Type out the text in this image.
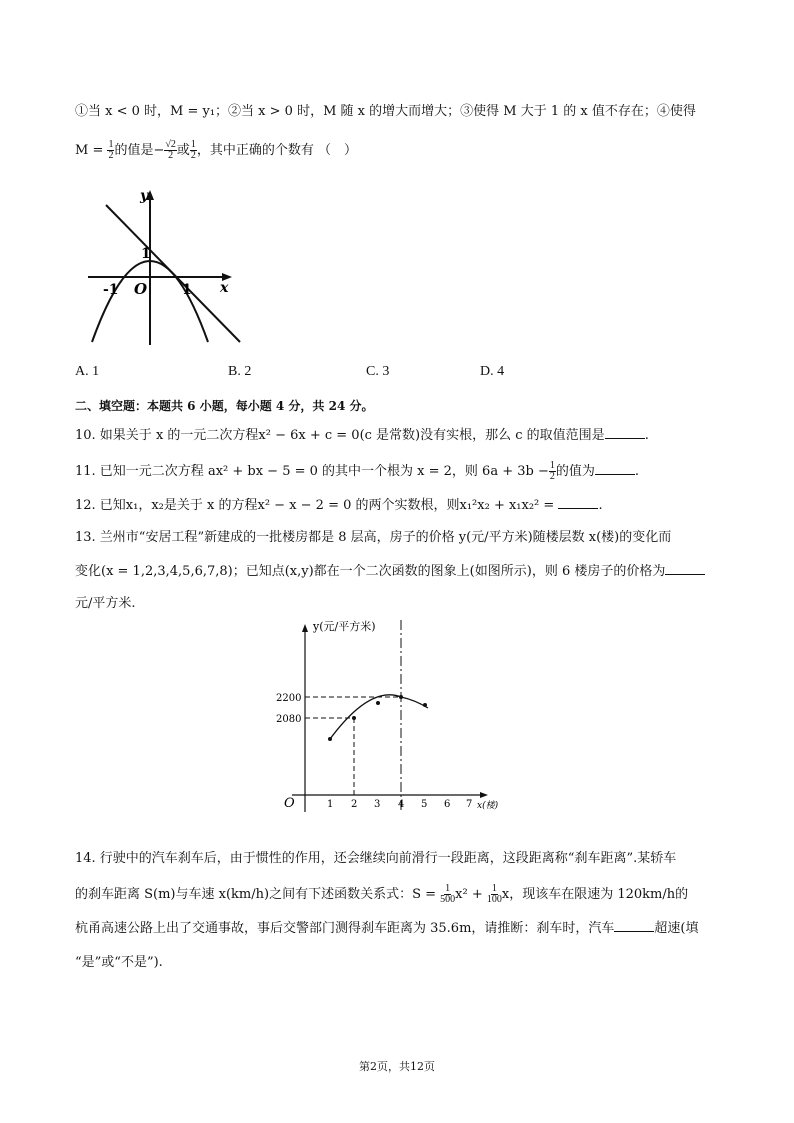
①当 x < 0 时，M = y₁；②当 x > 0 时，M 随 x 的增大而增大；③使得 M 大于 1 的 x 值不存在；④使得
$M = \frac{1}{2}$ 的值是− $\frac{√2}{2}$ 或 $\frac{1}{2}$ ，其中正确的个数有 （　）
y
x
O
-1	1
1
A. 1	B. 2	C. 3	D. 4
二、填空题：本题共 6 小题，每小题 4 分，共 24 分。
10. 如果关于 x 的一元二次方程x² − 6x + c = 0(c 是常数)没有实根，那么 c 的取值范围是	.
11. 已知一元二次方程 ax² + bx − 5 = 0 的其中一个根为 x = 2，则 $6a + 3b - \frac{1}{2}$ 的值为	.
12. 已知x₁，x₂是关于 x 的方程x² − x − 2 = 0 的两个实数根，则x₁²x₂ + x₁x₂² =	.
13. 兰州市“安居工程”新建成的一批楼房都是 8 层高，房子的价格 y(元/平方米)随楼层数 x(楼)的变化而
变化(x = 1,2,3,4,5,6,7,8)；已知点(x,y)都在一个二次函数的图象上(如图所示)，则 6 楼房子的价格为
元/平方米.
y(元/平方米)
x(楼)
O
2200
2080
1 2 3 4 5 6 7
14. 行驶中的汽车刹车后，由于惯性的作用，还会继续向前滑行一段距离，这段距离称“刹车距离”.某轿车
的刹车距离 S(m)与车速 x(km/h)之间有下述函数关系式：$S = \frac{1}{500} x^2 + \frac{1}{100}$ x，现该车在限速为 120km/h的
杭甬高速公路上出了交通事故，事后交警部门测得刹车距离为 35.6m，请推断：刹车时，汽车	超速(填
“是”或“不是”).
第2页，共12页
